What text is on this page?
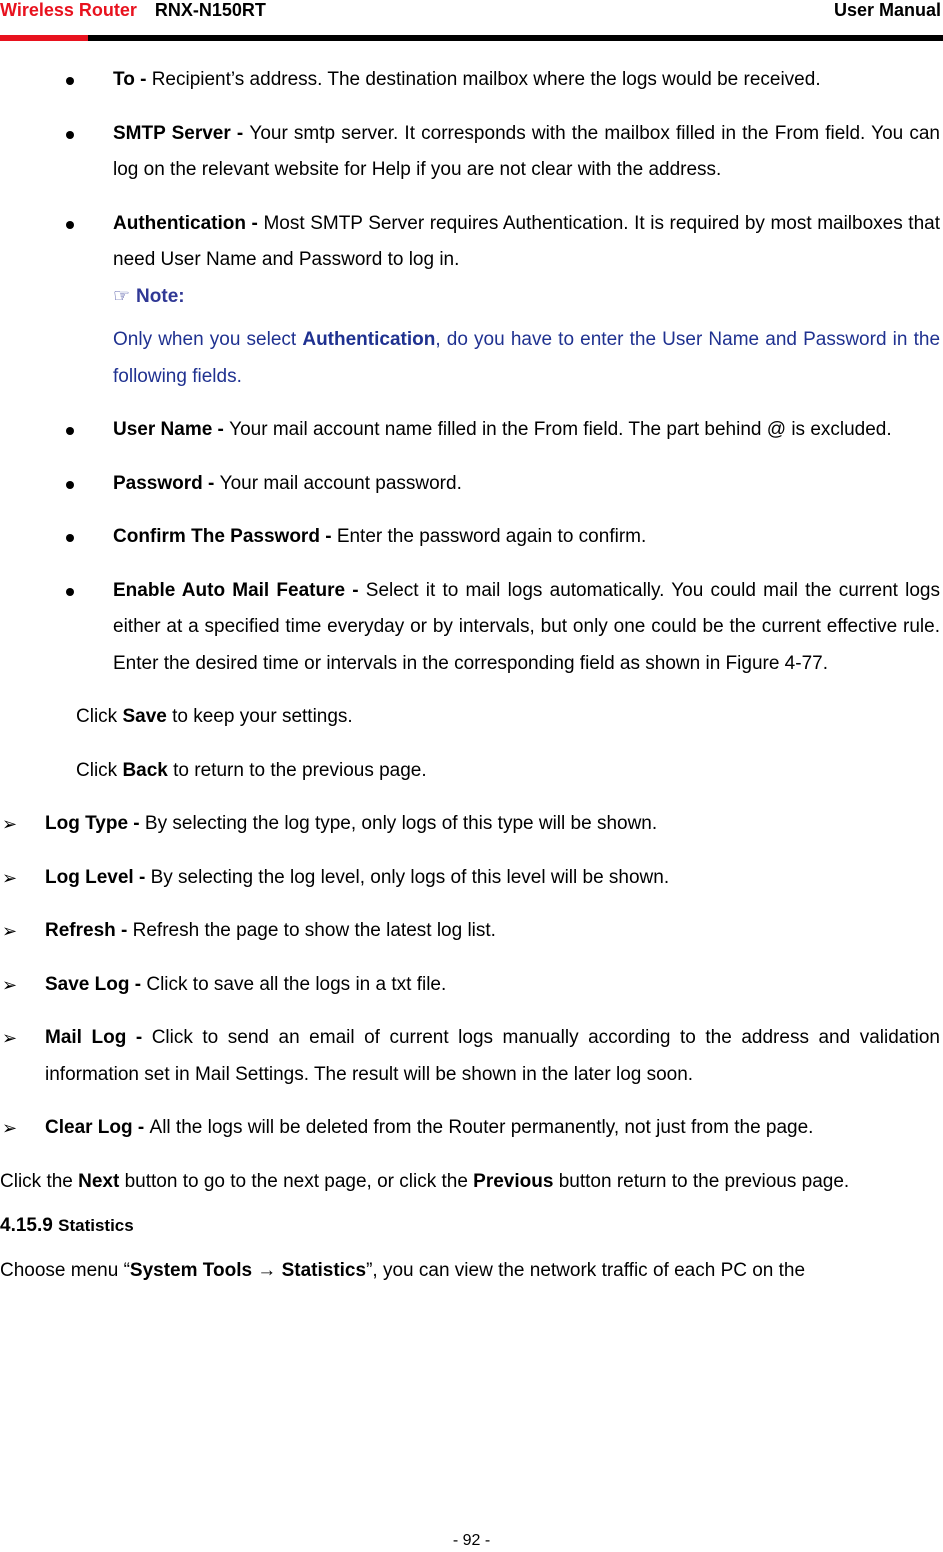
Wireless Router RNX-N150RT	User Manual
To - Recipient’s address. The destination mailbox where the logs would be received.
SMTP Server - Your smtp server. It corresponds with the mailbox filled in the From field. You can log on the relevant website for Help if you are not clear with the address.
Authentication - Most SMTP Server requires Authentication. It is required by most mailboxes that need User Name and Password to log in.
☞ Note:
Only when you select Authentication, do you have to enter the User Name and Password in the following fields.
User Name - Your mail account name filled in the From field. The part behind @ is excluded.
Password - Your mail account password.
Confirm The Password - Enter the password again to confirm.
Enable Auto Mail Feature - Select it to mail logs automatically. You could mail the current logs either at a specified time everyday or by intervals, but only one could be the current effective rule. Enter the desired time or intervals in the corresponding field as shown in Figure 4-77.
Click Save to keep your settings.
Click Back to return to the previous page.
➢ Log Type - By selecting the log type, only logs of this type will be shown.
➢ Log Level - By selecting the log level, only logs of this level will be shown.
➢ Refresh - Refresh the page to show the latest log list.
➢ Save Log - Click to save all the logs in a txt file.
➢ Mail Log - Click to send an email of current logs manually according to the address and validation information set in Mail Settings. The result will be shown in the later log soon.
➢ Clear Log - All the logs will be deleted from the Router permanently, not just from the page.
Click the Next button to go to the next page, or click the Previous button return to the previous page.
4.15.9 Statistics
Choose menu “System Tools → Statistics”, you can view the network traffic of each PC on the
- 92 -
